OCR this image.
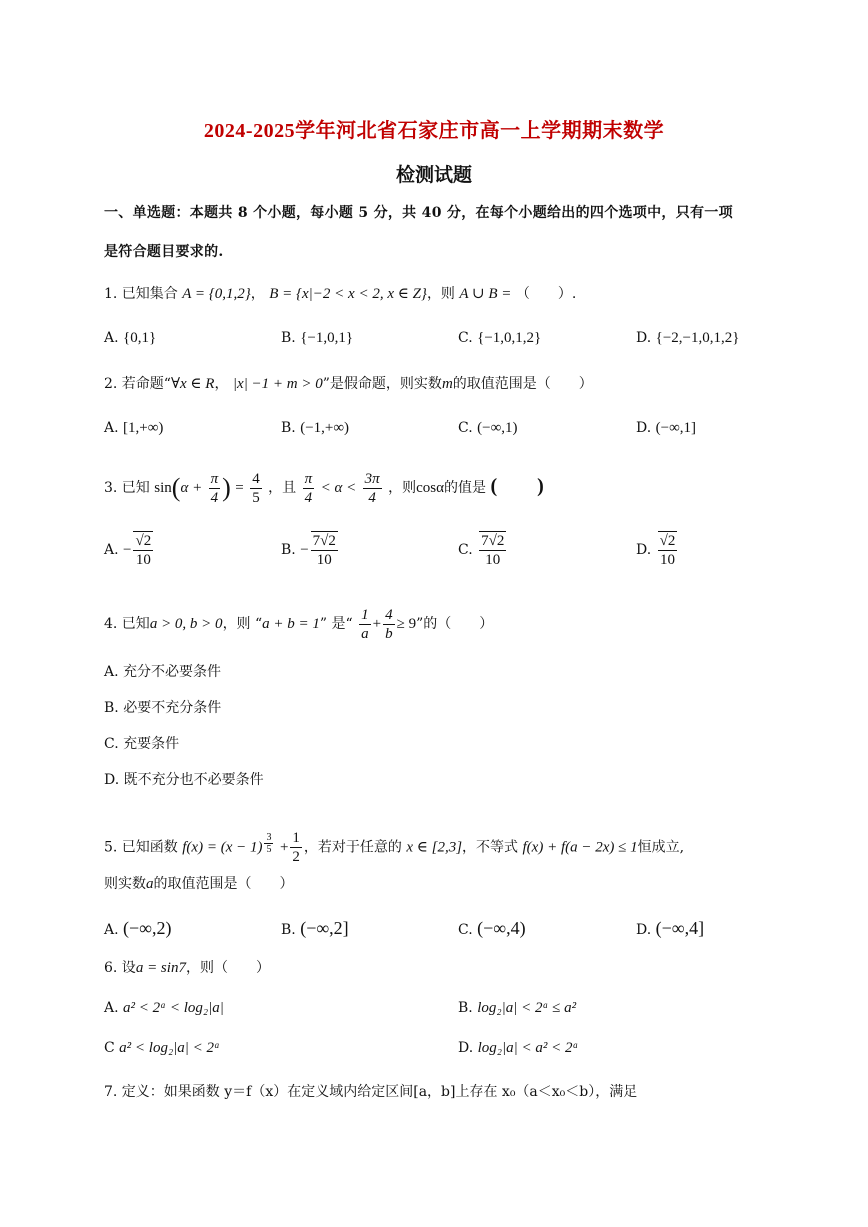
2024-2025学年河北省石家庄市高一上学期期末数学
检测试题
一、单选题：本题共 8 个小题，每小题 5 分，共 40 分，在每个小题给出的四个选项中，只有一项
是符合题目要求的.
1. 已知集合 A = {0,1,2}， B = {x|−2 < x < 2, x ∈ Z}，则 A ∪ B = （　　）.
A. {0,1}	B. {−1,0,1}	C. {−1,0,1,2}	D. {−2,−1,0,1,2}
2. 若命题“∀x ∈ R， |x| −1 + m > 0”是假命题，则实数m的取值范围是（　　）
A. [1,+∞)	B. (−1,+∞)	C. (−∞,1)	D. (−∞,1]
3. 已知 $\sin(\alpha + \frac{\pi}{4}$ ) = $\frac{4}{5}$ ，且 $\frac{\pi}{4} < \alpha < \frac{3\pi}{4}$ ，则cosα的值是 (　　)
A. − $\frac{√2}{10}$	B. − $\frac{7√2}{10}$	C. $\frac{7√2}{10}$	D. $\frac{√2}{10}$
4. 已知a > 0, b > 0，则 “a + b = 1” 是“ $\frac{1}{a} + \frac{4}{b} \ge 9$”的（　　）
A. 充分不必要条件
B. 必要不充分条件
C. 充要条件
D. 既不充分也不必要条件
5. 已知函数 f(x) = (x − 1) $^{\frac{3}{5}} + \frac{1}{2}$ ，若对于任意的 x ∈ [2,3]，不等式 f(x) + f(a − 2x) ≤ 1恒成立,
则实数a的取值范围是（　　）
A. (−∞,2)	B. (−∞,2]	C. (−∞,4)	D. (−∞,4]
6. 设a = sin7，则（　　）
A. a² < 2ᵃ < log₂|a|	B. log₂|a| < 2ᵃ ≤ a²
C a² < log₂|a| < 2ᵃ	D. log₂|a| < a² < 2ᵃ
7. 定义：如果函数 y＝f（x）在定义域内给定区间[a，b]上存在 x₀（a＜x₀＜b），满足
